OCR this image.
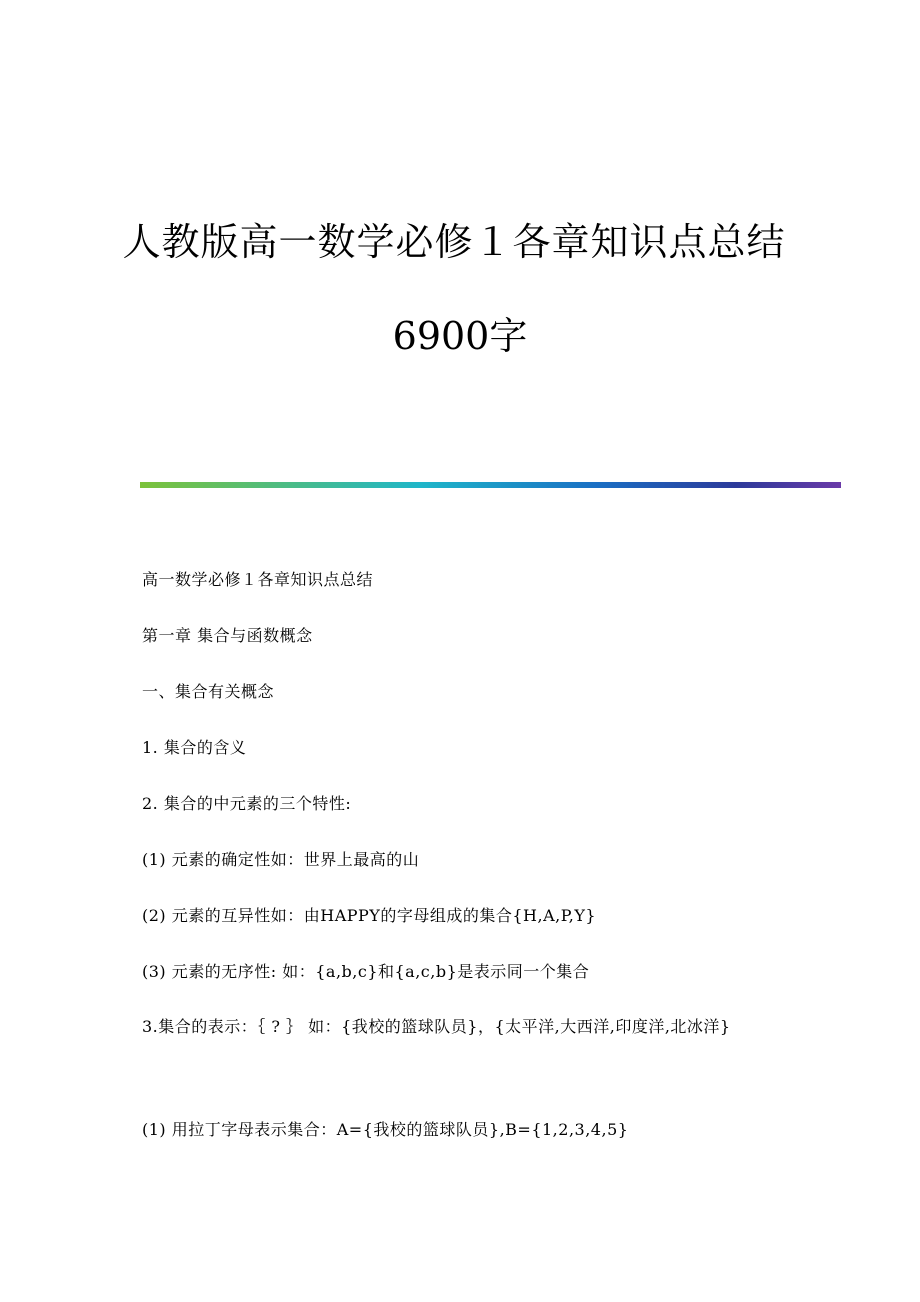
人教版高一数学必修１各章知识点总结
6900字
高一数学必修１各章知识点总结
第一章 集合与函数概念
一、集合有关概念
1. 集合的含义
2. 集合的中元素的三个特性:
(1) 元素的确定性如：世界上最高的山
(2) 元素的互异性如：由HAPPY的字母组成的集合{H,A,P,Y}
(3) 元素的无序性: 如：{a,b,c}和{a,c,b}是表示同一个集合
3.集合的表示：｛ ? ｝ 如：{我校的篮球队员}，{太平洋,大西洋,印度洋,北冰洋}
(1) 用拉丁字母表示集合：A={我校的篮球队员},B={1,2,3,4,5}
